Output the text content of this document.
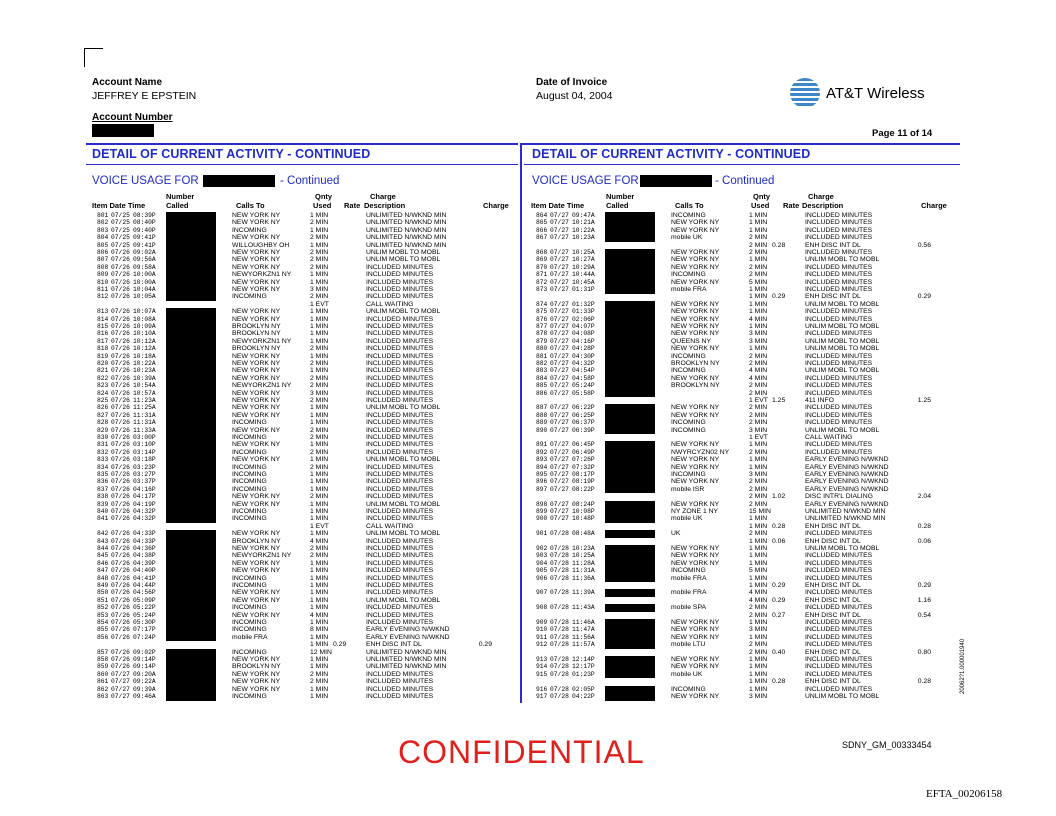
Account Name
JEFFREY E EPSTEIN
Account Number
Date of Invoice
August 04, 2004	AT&T Wireless
Page 11 of 14
DETAIL OF CURRENT ACTIVITY - CONTINUED	DETAIL OF CURRENT ACTIVITY - CONTINUED
VOICE USAGE FOR	- Continued	VOICE USAGE FOR	- Continued
Item Date Time
Number
Called	Calls To
Qnty
Used Rate
Charge
Description	Charge	Item Date Time
Number
Called	Calls To
Qnty
Used Rate
Charge
Description	Charge
801 07/25 08:39P	NEW YORK NY	1 MIN	UNLIMITED N/WKND MIN
802 07/25 08:40P	NEW YORK NY	2 MIN	UNLIMITED N/WKND MIN
803 07/25 09:40P	INCOMING	1 MIN	UNLIMITED N/WKND MIN
804 07/25 09:41P	NEW YORK NY	2 MIN	UNLIMITED N/WKND MIN
805 07/25 09:41P	WILLOUGHBY OH	1 MIN	UNLIMITED N/WKND MIN
806 07/26 09:02A	NEW YORK NY	2 MIN	UNLIM MOBL TO MOBL
807 07/26 09:56A	NEW YORK NY	2 MIN	UNLIM MOBL TO MOBL
808 07/26 09:58A	NEW YORK NY	2 MIN	INCLUDED MINUTES
809 07/26 10:00A	NEWYORKZN1 NY	1 MIN	INCLUDED MINUTES
810 07/26 10:00A	NEW YORK NY	1 MIN	INCLUDED MINUTES
811 07/26 10:04A	NEW YORK NY	3 MIN	INCLUDED MINUTES
812 07/26 10:05A	INCOMING	2 MIN	INCLUDED MINUTES
1 EVT	CALL WAITING
813 07/26 10:07A	NEW YORK NY	1 MIN	UNLIM MOBL TO MOBL
814 07/26 10:08A	NEW YORK NY	1 MIN	INCLUDED MINUTES
815 07/26 10:09A	BROOKLYN NY	1 MIN	INCLUDED MINUTES
816 07/26 10:10A	BROOKLYN NY	1 MIN	INCLUDED MINUTES
817 07/26 10:12A	NEWYORKZN1 NY	1 MIN	INCLUDED MINUTES
818 07/26 10:12A	BROOKLYN NY	2 MIN	INCLUDED MINUTES
819 07/26 10:18A	NEW YORK NY	1 MIN	INCLUDED MINUTES
820 07/26 10:22A	NEW YORK NY	2 MIN	INCLUDED MINUTES
821 07/26 10:23A	NEW YORK NY	1 MIN	INCLUDED MINUTES
822 07/26 10:39A	NEW YORK NY	2 MIN	INCLUDED MINUTES
823 07/26 10:54A	NEWYORKZN1 NY	2 MIN	INCLUDED MINUTES
824 07/26 10:57A	NEW YORK NY	3 MIN	INCLUDED MINUTES
825 07/26 11:23A	NEW YORK NY	2 MIN	INCLUDED MINUTES
826 07/26 11:25A	NEW YORK NY	1 MIN	UNLIM MOBL TO MOBL
827 07/26 11:31A	NEW YORK NY	1 MIN	INCLUDED MINUTES
828 07/26 11:31A	INCOMING	1 MIN	INCLUDED MINUTES
829 07/26 11:33A	NEW YORK NY	2 MIN	INCLUDED MINUTES
830 07/26 03:00P	INCOMING	2 MIN	INCLUDED MINUTES
831 07/26 03:10P	NEW YORK NY	1 MIN	INCLUDED MINUTES
832 07/26 03:14P	INCOMING	2 MIN	INCLUDED MINUTES
833 07/26 03:18P	NEW YORK NY	1 MIN	UNLIM MOBL TO MOBL
834 07/26 03:23P	INCOMING	2 MIN	INCLUDED MINUTES
835 07/26 03:27P	INCOMING	1 MIN	INCLUDED MINUTES
836 07/26 03:37P	INCOMING	1 MIN	INCLUDED MINUTES
837 07/26 04:16P	INCOMING	1 MIN	INCLUDED MINUTES
838 07/26 04:17P	NEW YORK NY	2 MIN	INCLUDED MINUTES
839 07/26 04:19P	NEW YORK NY	1 MIN	UNLIM MOBL TO MOBL
840 07/26 04:32P	INCOMING	1 MIN	INCLUDED MINUTES
841 07/26 04:32P	INCOMING	1 MIN	INCLUDED MINUTES
1 EVT	CALL WAITING
842 07/26 04:33P	NEW YORK NY	1 MIN	UNLIM MOBL TO MOBL
843 07/26 04:33P	BROOKLYN NY	4 MIN	INCLUDED MINUTES
844 07/26 04:36P	NEW YORK NY	2 MIN	INCLUDED MINUTES
845 07/26 04:38P	NEWYORKZN1 NY	2 MIN	INCLUDED MINUTES
846 07/26 04:39P	NEW YORK NY	1 MIN	INCLUDED MINUTES
847 07/26 04:40P	NEW YORK NY	1 MIN	INCLUDED MINUTES
848 07/26 04:41P	INCOMING	1 MIN	INCLUDED MINUTES
849 07/26 04:44P	INCOMING	1 MIN	INCLUDED MINUTES
850 07/26 04:56P	NEW YORK NY	1 MIN	INCLUDED MINUTES
851 07/26 05:09P	NEW YORK NY	1 MIN	UNLIM MOBL TO MOBL
852 07/26 05:22P	INCOMING	1 MIN	INCLUDED MINUTES
853 07/26 05:24P	NEW YORK NY	4 MIN	INCLUDED MINUTES
854 07/26 05:30P	INCOMING	1 MIN	INCLUDED MINUTES
855 07/26 07:17P	INCOMING	8 MIN	EARLY EVENING N/WKND
856 07/26 07:24P	mobile FRA	1 MIN	EARLY EVENING N/WKND
1 MIN 0.29	ENH DISC INT DL	0.29
857 07/26 09:02P	INCOMING	12 MIN	UNLIMITED N/WKND MIN
858 07/26 09:14P	NEW YORK NY	1 MIN	UNLIMITED N/WKND MIN
859 07/26 09:14P	BROOKLYN NY	1 MIN	UNLIMITED N/WKND MIN
860 07/27 09:20A	NEW YORK NY	2 MIN	INCLUDED MINUTES
861 07/27 09:22A	NEW YORK NY	2 MIN	INCLUDED MINUTES
862 07/27 09:39A	NEW YORK NY	1 MIN	INCLUDED MINUTES
863 07/27 09:46A	INCOMING	1 MIN	INCLUDED MINUTES
864 07/27 09:47A	INCOMING	1 MIN	INCLUDED MINUTES
865 07/27 10:21A	NEW YORK NY	1 MIN	INCLUDED MINUTES
866 07/27 10:22A	NEW YORK NY	1 MIN	INCLUDED MINUTES
867 07/27 10:23A	mobile UK	2 MIN	INCLUDED MINUTES
2 MIN 0.28	ENH DISC INT DL	0.56
868 07/27 10:25A	NEW YORK NY	2 MIN	INCLUDED MINUTES
869 07/27 10:27A	NEW YORK NY	1 MIN	UNLIM MOBL TO MOBL
870 07/27 10:29A	NEW YORK NY	2 MIN	INCLUDED MINUTES
871 07/27 10:44A	INCOMING	2 MIN	INCLUDED MINUTES
872 07/27 10:45A	NEW YORK NY	5 MIN	INCLUDED MINUTES
873 07/27 01:31P	mobile FRA	1 MIN	INCLUDED MINUTES
1 MIN 0.29	ENH DISC INT DL	0.29
874 07/27 01:32P	NEW YORK NY	1 MIN	UNLIM MOBL TO MOBL
875 07/27 01:33P	NEW YORK NY	1 MIN	INCLUDED MINUTES
876 07/27 02:06P	NEW YORK NY	4 MIN	INCLUDED MINUTES
877 07/27 04:07P	NEW YORK NY	1 MIN	UNLIM MOBL TO MOBL
878 07/27 04:08P	NEW YORK NY	3 MIN	INCLUDED MINUTES
879 07/27 04:16P	QUEENS NY	3 MIN	UNLIM MOBL TO MOBL
880 07/27 04:28P	NEW YORK NY	1 MIN	UNLIM MOBL TO MOBL
881 07/27 04:30P	INCOMING	2 MIN	INCLUDED MINUTES
882 07/27 04:32P	BROOKLYN NY	2 MIN	INCLUDED MINUTES
883 07/27 04:54P	INCOMING	4 MIN	UNLIM MOBL TO MOBL
884 07/27 04:58P	NEW YORK NY	4 MIN	INCLUDED MINUTES
885 07/27 05:24P	BROOKLYN NY	2 MIN	INCLUDED MINUTES
886 07/27 05:58P	2 MIN	INCLUDED MINUTES
1 EVT 1.25	411 INFO	1.25
887 07/27 06:22P	NEW YORK NY	2 MIN	INCLUDED MINUTES
888 07/27 06:25P	NEW YORK NY	2 MIN	INCLUDED MINUTES
889 07/27 06:37P	INCOMING	2 MIN	INCLUDED MINUTES
890 07/27 06:39P	INCOMING	3 MIN	UNLIM MOBL TO MOBL
1 EVT	CALL WAITING
891 07/27 06:45P	NEW YORK NY	1 MIN	INCLUDED MINUTES
892 07/27 06:49P	NWYRCYZN02 NY	2 MIN	INCLUDED MINUTES
893 07/27 07:26P	NEW YORK NY	1 MIN	EARLY EVENING N/WKND
894 07/27 07:32P	NEW YORK NY	1 MIN	EARLY EVENING N/WKND
895 07/27 08:17P	INCOMING	3 MIN	EARLY EVENING N/WKND
896 07/27 08:19P	NEW YORK NY	2 MIN	EARLY EVENING N/WKND
897 07/27 08:22P	mobile ISR	2 MIN	EARLY EVENING N/WKND
2 MIN 1.02	DISC INTR'L DIALING	2.04
898 07/27 08:24P	NEW YORK NY	2 MIN	EARLY EVENING N/WKND
899 07/27 10:08P	NY ZONE 1 NY	15 MIN	UNLIMITED N/WKND MIN
900 07/27 10:48P	mobile UK	1 MIN	UNLIMITED N/WKND MIN
1 MIN 0.28	ENH DISC INT DL	0.28
901 07/28 08:48A	UK	2 MIN	INCLUDED MINUTES
1 MIN 0.06	ENH DISC INT DL	0.06
902 07/28 10:23A	NEW YORK NY	1 MIN	UNLIM MOBL TO MOBL
903 07/28 10:25A	NEW YORK NY	1 MIN	INCLUDED MINUTES
904 07/28 11:28A	NEW YORK NY	1 MIN	INCLUDED MINUTES
905 07/28 11:31A	INCOMING	5 MIN	INCLUDED MINUTES
906 07/28 11:36A	mobile FRA	1 MIN	INCLUDED MINUTES
1 MIN 0.29	ENH DISC INT DL	0.29
907 07/28 11:39A	mobile FRA	4 MIN	INCLUDED MINUTES
4 MIN 0.29	ENH DISC INT DL	1.16
908 07/28 11:43A	mobile SPA	2 MIN	INCLUDED MINUTES
2 MIN 0.27	ENH DISC INT DL	0.54
909 07/28 11:46A	NEW YORK NY	1 MIN	INCLUDED MINUTES
910 07/28 11:47A	NEW YORK NY	3 MIN	INCLUDED MINUTES
911 07/28 11:56A	NEW YORK NY	1 MIN	INCLUDED MINUTES
912 07/28 11:57A	mobile LTU	2 MIN	INCLUDED MINUTES
2 MIN 0.40	ENH DISC INT DL	0.80
913 07/28 12:14P	NEW YORK NY	1 MIN	INCLUDED MINUTES
914 07/28 12:17P	NEW YORK NY	1 MIN	INCLUDED MINUTES
915 07/28 01:23P	mobile UK	1 MIN	INCLUDED MINUTES
1 MIN 0.28	ENH DISC INT DL	0.28
916 07/28 02:05P	INCOMING	1 MIN	INCLUDED MINUTES
917 07/28 04:22P	NEW YORK NY	3 MIN	UNLIM MOBL TO MOBL
CONFIDENTIAL	SDNY_GM_00333454
EFTA_00206158
20062?1.000001940
